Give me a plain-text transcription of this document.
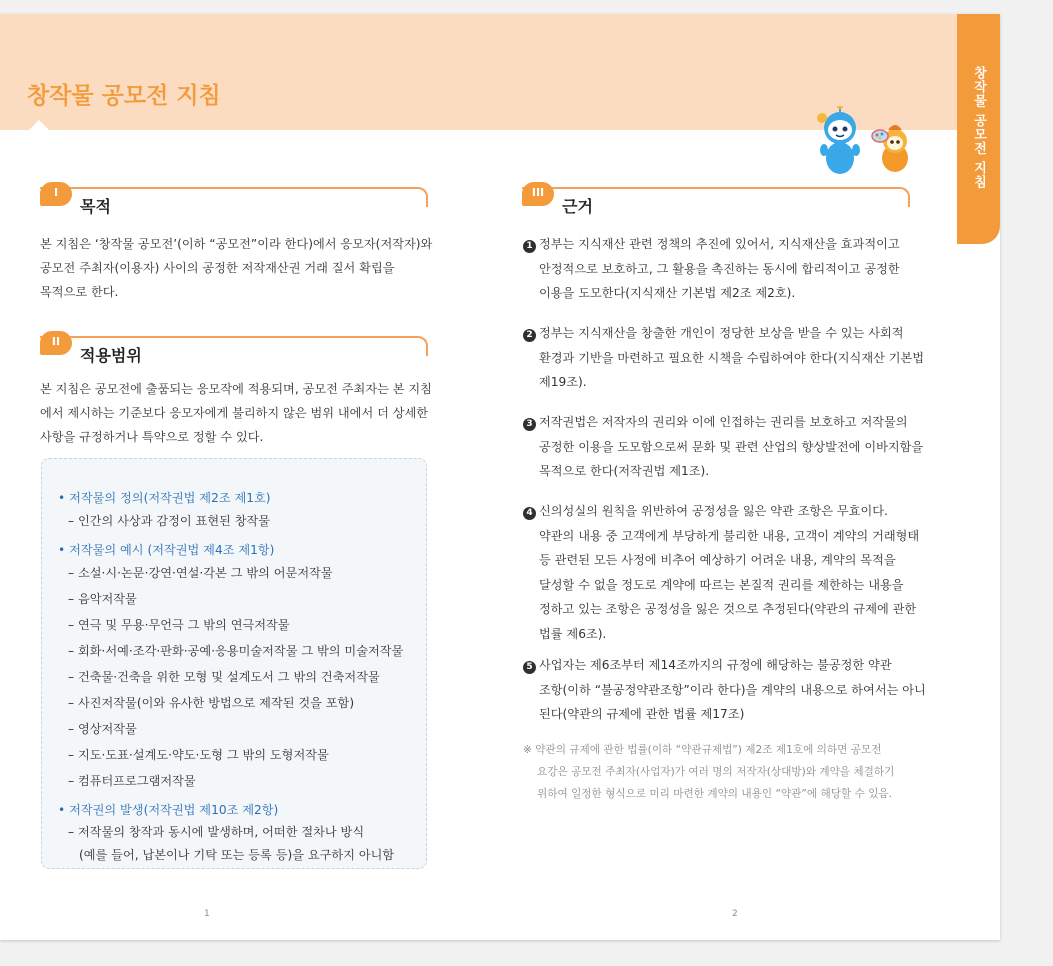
창작물 공모전 지침
I
목적
본 지침은 ‘창작물 공모전’(이하 “공모전”이라 한다)에서 응모자(저작자)와
공모전 주최자(이용자) 사이의 공정한 저작재산권 거래 질서 확립을
목적으로 한다.
II
적용범위
본 지침은 공모전에 출품되는 응모작에 적용되며, 공모전 주최자는 본 지침
에서 제시하는 기준보다 응모자에게 불리하지 않은 범위 내에서 더 상세한
사항을 규정하거나 특약으로 정할 수 있다.
• 저작물의 정의(저작권법 제2조 제1호)
– 인간의 사상과 감정이 표현된 창작물
• 저작물의 예시 (저작권법 제4조 제1항)
– 소설·시·논문·강연·연설·각본 그 밖의 어문저작물
– 음악저작물
– 연극 및 무용·무언극 그 밖의 연극저작물
– 회화·서예·조각·판화·공예·응용미술저작물 그 밖의 미술저작물
– 건축물·건축을 위한 모형 및 설계도서 그 밖의 건축저작물
– 사진저작물(이와 유사한 방법으로 제작된 것을 포함)
– 영상저작물
– 지도·도표·설계도·약도·도형 그 밖의 도형저작물
– 컴퓨터프로그램저작물
• 저작권의 발생(저작권법 제10조 제2항)
– 저작물의 창작과 동시에 발생하며, 어떠한 절차나 방식
(예를 들어, 납본이나 기탁 또는 등록 등)을 요구하지 아니함
1
III
근거
1 정부는 지식재산 관련 정책의 추진에 있어서, 지식재산을 효과적이고
안정적으로 보호하고, 그 활용을 촉진하는 동시에 합리적이고 공정한
이용을 도모한다(지식재산 기본법 제2조 제2호).
2 정부는 지식재산을 창출한 개인이 정당한 보상을 받을 수 있는 사회적
환경과 기반을 마련하고 필요한 시책을 수립하여야 한다(지식재산 기본법
제19조).
3 저작권법은 저작자의 권리와 이에 인접하는 권리를 보호하고 저작물의
공정한 이용을 도모함으로써 문화 및 관련 산업의 향상발전에 이바지함을
목적으로 한다(저작권법 제1조).
4 신의성실의 원칙을 위반하여 공정성을 잃은 약관 조항은 무효이다.
약관의 내용 중 고객에게 부당하게 불리한 내용, 고객이 계약의 거래형태
등 관련된 모든 사정에 비추어 예상하기 어려운 내용, 계약의 목적을
달성할 수 없을 정도로 계약에 따르는 본질적 권리를 제한하는 내용을
정하고 있는 조항은 공정성을 잃은 것으로 추정된다(약관의 규제에 관한
법률 제6조).
5 사업자는 제6조부터 제14조까지의 규정에 해당하는 불공정한 약관
조항(이하 “불공정약관조항”이라 한다)을 계약의 내용으로 하여서는 아니
된다(약관의 규제에 관한 법률 제17조)
※ 약관의 규제에 관한 법률(이하 “약관규제법”) 제2조 제1호에 의하면 공모전
요강은 공모전 주최자(사업자)가 여러 명의 저작자(상대방)와 계약을 체결하기
위하여 일정한 형식으로 미리 마련한 계약의 내용인 “약관”에 해당할 수 있음.
2
창작물 공모전 지침
